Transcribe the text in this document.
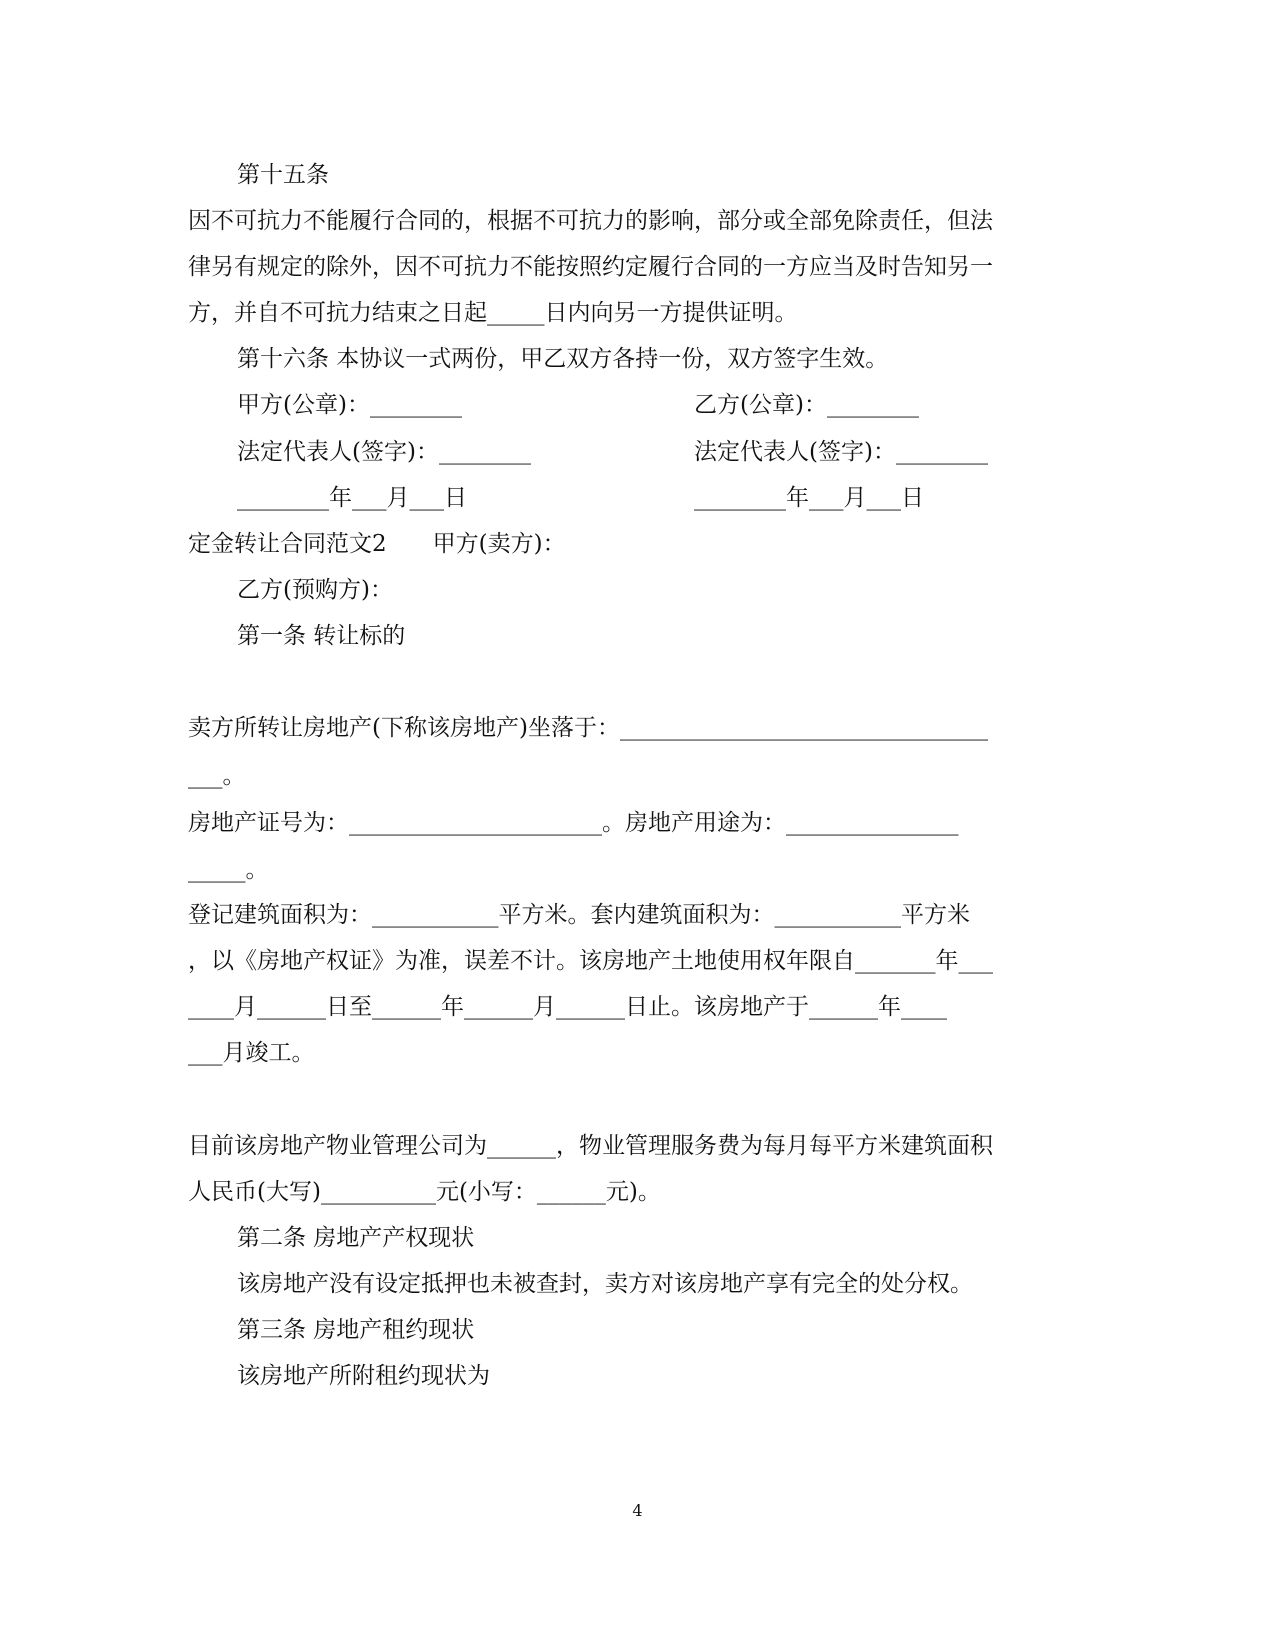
第十五条

因不可抗力不能履行合同的，根据不可抗力的影响，部分或全部免除责任，但法

律另有规定的除外，因不可抗力不能按照约定履行合同的一方应当及时告知另一

方，并自不可抗力结束之日起_____日内向另一方提供证明。

第十六条 本协议一式两份，甲乙双方各持一份，双方签字生效。

甲方(公章)：________	乙方(公章)：________

法定代表人(签字)：________	法定代表人(签字)：________

________年___月___日	________年___月___日

定金转让合同范文2　　甲方(卖方)：

乙方(预购方)：

第一条 转让标的

卖方所转让房地产(下称该房地产)坐落于：________________________________

___。

房地产证号为：______________________。房地产用途为：_______________

_____。

登记建筑面积为：___________平方米。套内建筑面积为：___________平方米

，以《房地产权证》为准，误差不计。该房地产土地使用权年限自_______年___

____月______日至______年______月______日止。该房地产于______年____

___月竣工。

目前该房地产物业管理公司为______，物业管理服务费为每月每平方米建筑面积

人民币(大写)__________元(小写：______元)。

第二条 房地产产权现状

该房地产没有设定抵押也未被查封，卖方对该房地产享有完全的处分权。

第三条 房地产租约现状

该房地产所附租约现状为

4
